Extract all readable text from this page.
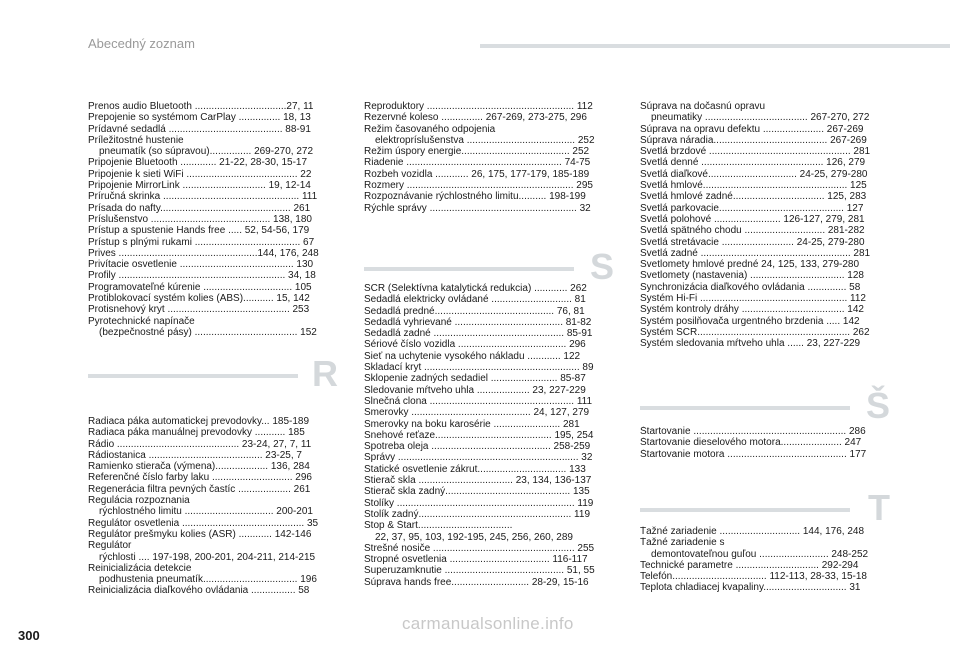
Abecedný zoznam
Prenos audio Bluetooth .................................27, 11
Prepojenie so systémom CarPlay ............... 18, 13
Prídavné sedadlá ......................................... 88-91
Príležitostné hustenie
pneumatík (so súpravou)............... 269-270, 272
Pripojenie Bluetooth ............. 21-22, 28-30, 15-17
Pripojenie k sieti WiFi ........................................ 22
Pripojenie MirrorLink .............................. 19, 12-14
Príručná skrinka ................................................. 111
Prísada do nafty............................................... 261
Príslušenstvo ........................................... 138, 180
Prístup a spustenie Hands free ..... 52, 54-56, 179
Prístup s plnými rukami ...................................... 67
Prives ..................................................144, 176, 248
Privítacie osvetlenie ......................................... 130
Profily ............................................................ 34, 18
Programovateľné kúrenie ................................ 105
Protiblokovací systém kolies (ABS)........... 15, 142
Protisnehový kryt ............................................ 253
Pyrotechnické napínače
(bezpečnostné pásy) ..................................... 152
R
Radiaca páka automatickej prevodovky... 185-189
Radiaca páka manuálnej prevodovky ........... 185
Rádio ............................................ 23-24, 27, 7, 11
Rádiostanica ......................................... 23-25, 7
Ramienko stierača (výmena)................... 136, 284
Referenčné číslo farby laku ............................. 296
Regenerácia filtra pevných častíc ................... 261
Regulácia rozpoznania
rýchlostného limitu ................................ 200-201
Regulátor osvetlenia ............................................ 35
Regulátor prešmyku kolies (ASR) ............ 142-146
Regulátor
rýchlosti .... 197-198, 200-201, 204-211, 214-215
Reinicializácia detekcie
podhustenia pneumatík.................................. 196
Reinicializácia diaľkového ovládania ................ 58
Reproduktory ..................................................... 112
Rezervné koleso ............... 267-269, 273-275, 296
Režim časovaného odpojenia
elektropríslušenstva ....................................... 252
Režim úspory energie....................................... 252
Riadenie ........................................................ 74-75
Rozbeh vozidla ............ 26, 175, 177-179, 185-189
Rozmery ............................................................ 295
Rozpoznávanie rýchlostného limitu.......... 198-199
Rýchle správy ..................................................... 32
S
SCR (Selektívna katalytická redukcia) ............ 262
Sedadlá elektricky ovládané ............................. 81
Sedadlá predné........................................... 76, 81
Sedadlá vyhrievané ....................................... 81-82
Sedadlá zadné ............................................... 85-91
Sériové číslo vozidla ....................................... 296
Sieť na uchytenie vysokého nákladu ............ 122
Skladací kryt ........................................................ 89
Sklopenie zadných sedadiel ........................ 85-87
Sledovanie mŕtveho uhla ................... 23, 227-229
Slnečná clona .................................................... 111
Smerovky ........................................... 24, 127, 279
Smerovky na boku karosérie ........................ 281
Snehové reťaze.......................................... 195, 254
Spotreba oleja ........................................... 258-259
Správy ................................................................. 32
Statické osvetlenie zákrut................................ 133
Stierač skla .................................. 23, 134, 136-137
Stierač skla zadný............................................. 135
Stolíky ................................................................ 119
Stolík zadný....................................................... 119
Stop & Štart..................................
22, 37, 95, 103, 192-195, 245, 256, 260, 289
Strešné nosiče ................................................... 255
Stropné osvetlenia .................................... 116-117
Superuzamknutie ........................................... 51, 55
Súprava hands free............................ 28-29, 15-16
Súprava na dočasnú opravu
pneumatiky ..................................... 267-270, 272
Súprava na opravu defektu ...................... 267-269
Súprava náradia......................................... 267-269
Svetlá brzdové ................................................... 281
Svetlá denné ............................................ 126, 279
Svetlá diaľkové................................ 24-25, 279-280
Svetlá hmlové.................................................... 125
Svetlá hmlové zadné................................. 125, 283
Svetlá parkovacie............................................. 127
Svetlá polohové ........................ 126-127, 279, 281
Svetlá spätného chodu ............................. 281-282
Svetlá stretávacie .......................... 24-25, 279-280
Svetlá zadné ...................................................... 281
Svetlomety hmlové predné 24, 125, 133, 279-280
Svetlomety (nastavenia) .................................. 128
Synchronizácia diaľkového ovládania .............. 58
Systém Hi-Fi ..................................................... 112
Systém kontroly dráhy ..................................... 142
Systém posilňovača urgentného brzdenia ..... 142
Systém SCR....................................................... 262
Systém sledovania mŕtveho uhla ...... 23, 227-229
Š
Štartovanie ....................................................... 286
Štartovanie dieselového motora...................... 247
Štartovanie motora ........................................... 177
T
Ťažné zariadenie ............................. 144, 176, 248
Ťažné zariadenie s
demontovateľnou guľou ......................... 248-252
Technické parametre .............................. 292-294
Telefón.................................. 112-113, 28-33, 15-18
Teplota chladiacej kvapaliny.............................. 31
300
carmanualsonline.info
